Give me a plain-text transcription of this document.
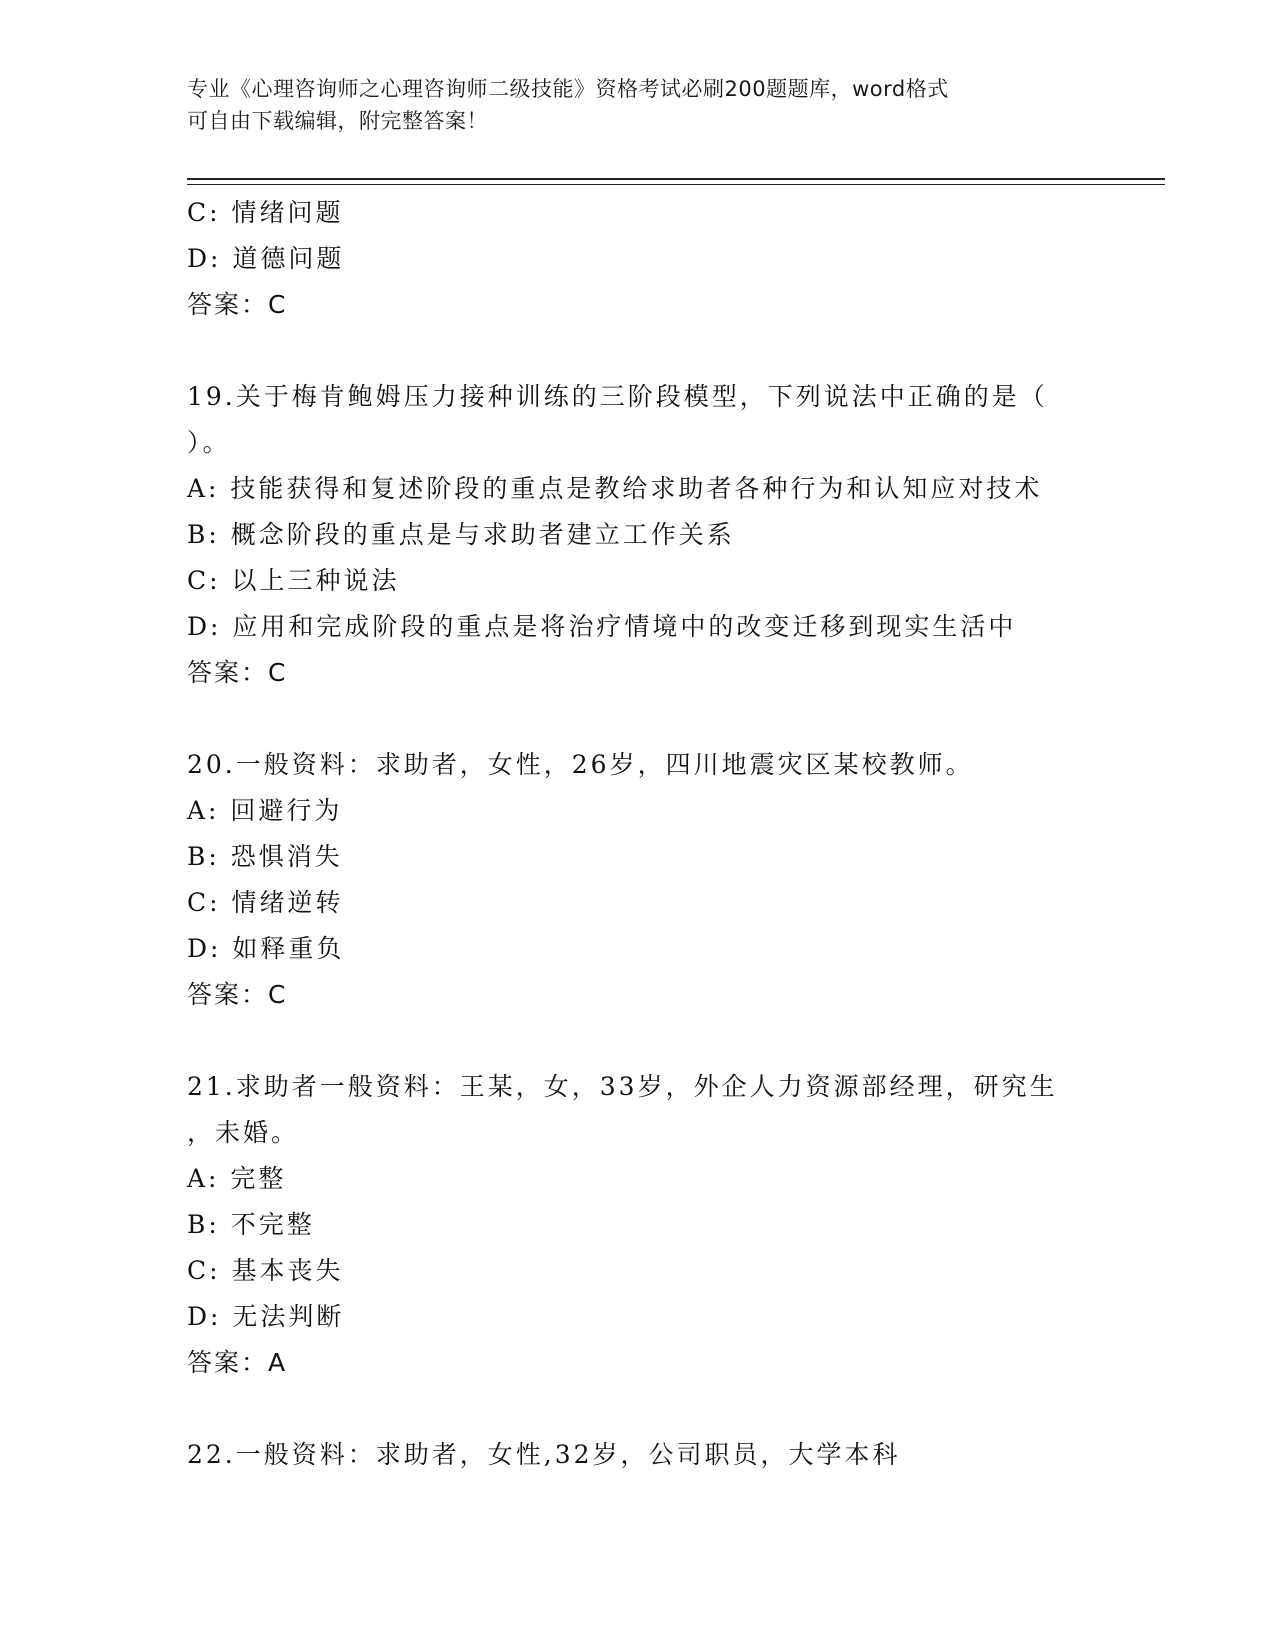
专业《心理咨询师之心理咨询师二级技能》资格考试必刷200题题库，word格式
可自由下载编辑，附完整答案！
C: 情绪问题
D: 道德问题
答案：C
19.关于梅肯鲍姆压力接种训练的三阶段模型，下列说法中正确的是（
）。
A: 技能获得和复述阶段的重点是教给求助者各种行为和认知应对技术
B: 概念阶段的重点是与求助者建立工作关系
C: 以上三种说法
D: 应用和完成阶段的重点是将治疗情境中的改变迁移到现实生活中
答案：C
20.一般资料：求助者，女性，26岁，四川地震灾区某校教师。
A: 回避行为
B: 恐惧消失
C: 情绪逆转
D: 如释重负
答案：C
21.求助者一般资料：王某，女，33岁，外企人力资源部经理，研究生
，未婚。
A: 完整
B: 不完整
C: 基本丧失
D: 无法判断
答案：A
22.一般资料：求助者，女性,32岁，公司职员，大学本科
